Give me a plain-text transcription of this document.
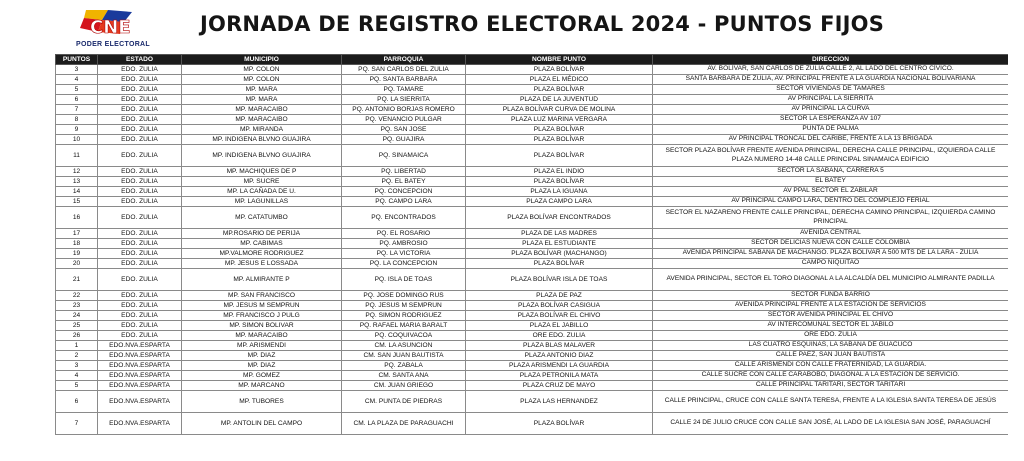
CNE
PODER ELECTORAL
JORNADA DE REGISTRO ELECTORAL 2024 - PUNTOS FIJOS
PUNTOS	ESTADO	MUNICIPIO	PARROQUIA	NOMBRE PUNTO	DIRECCION
3	EDO. ZULIA	MP. COLON	PQ. SAN CARLOS DEL ZULIA	PLAZA BOLÍVAR	AV. BOLÍVAR, SAN CARLOS DE ZULIA CALLE 2, AL LADO DEL CENTRO CÍVICO.
4	EDO. ZULIA	MP. COLON	PQ. SANTA BARBARA	PLAZA EL MÉDICO	SANTA BÁRBARA DE ZULIA, AV. PRINCIPAL FRENTE A LA GUARDIA NACIONAL BOLIVARIANA
5	EDO. ZULIA	MP. MARA	PQ. TAMARE	PLAZA BOLÍVAR	SECTOR VIVIENDAS DE TAMARES
6	EDO. ZULIA	MP. MARA	PQ. LA SIERRITA	PLAZA DE LA JUVENTUD	AV PRINCIPAL LA SIERRITA
7	EDO. ZULIA	MP. MARACAIBO	PQ. ANTONIO BORJAS ROMERO	PLAZA BOLÍVAR CURVA DE MOLINA	AV PRINCIPAL LA CURVA
8	EDO. ZULIA	MP. MARACAIBO	PQ. VENANCIO PULGAR	PLAZA LUZ MARINA VERGARA	SECTOR LA ESPERANZA AV 107
9	EDO. ZULIA	MP. MIRANDA	PQ. SAN JOSE	PLAZA BOLÍVAR	PUNTA DE PALMA
10	EDO. ZULIA	MP. INDIGENA BLVNO GUAJIRA	PQ. GUAJIRA	PLAZA BOLÍVAR	AV PRINCIPAL TRONCAL DEL CARIBE, FRENTE A LA 13 BRIGADA
11	EDO. ZULIA	MP. INDIGENA BLVNO GUAJIRA	PQ. SINAMAICA	PLAZA BOLÍVAR	SECTOR PLAZA BOLÍVAR FRENTE AVENIDA PRINCIPAL, DERECHA CALLE PRINCIPAL, IZQUIERDA CALLE PLAZA NUMERO 14-48 CALLE PRINCIPAL SINAMAICA EDIFICIO
12	EDO. ZULIA	MP. MACHIQUES DE P	PQ. LIBERTAD	PLAZA EL INDIO	SECTOR LA SABANA, CARRERA 5
13	EDO. ZULIA	MP. SUCRE	PQ. EL BATEY	PLAZA BOLÍVAR	EL BATEY
14	EDO. ZULIA	MP. LA CAÑADA DE U.	PQ. CONCEPCION	PLAZA LA IGUANA	AV PPAL SECTOR EL ZABILAR
15	EDO. ZULIA	MP. LAGUNILLAS	PQ. CAMPO LARA	PLAZA CAMPO LARA	AV PRINCIPAL CAMPO LARA, DENTRO DEL COMPLEJO FERIAL
16	EDO. ZULIA	MP. CATATUMBO	PQ. ENCONTRADOS	PLAZA BOLÍVAR ENCONTRADOS	SECTOR EL NAZARENO FRENTE CALLE PRINCIPAL, DERECHA CAMINO PRINCIPAL, IZQUIERDA CAMINO PRINCIPAL
17	EDO. ZULIA	MP.ROSARIO DE PERIJA	PQ. EL ROSARIO	PLAZA DE LAS MADRES	AVENIDA CENTRAL
18	EDO. ZULIA	MP. CABIMAS	PQ. AMBROSIO	PLAZA EL ESTUDIANTE	SECTOR DELICIAS NUEVA CON CALLE COLOMBIA
19	EDO. ZULIA	MP.VALMORE RODRIGUEZ	PQ. LA VICTORIA	PLAZA BOLÍVAR (MACHANGO)	AVENIDA PRINCIPAL SABANA DE MACHANGO. PLAZA BOLÍVAR A 500 MTS DE LA LARA - ZULIA
20	EDO. ZULIA	MP. JESUS E LOSSADA	PQ. LA CONCEPCION	PLAZA BOLÍVAR	CAMPO NIQUITAO
21	EDO. ZULIA	MP. ALMIRANTE P	PQ. ISLA DE TOAS	PLAZA BOLÍVAR ISLA DE TOAS	AVENIDA PRINCIPAL, SECTOR EL TORO DIAGONAL A LA ALCALDÍA DEL MUNICIPIO ALMIRANTE PADILLA
22	EDO. ZULIA	MP. SAN FRANCISCO	PQ. JOSE DOMINGO RUS	PLAZA DE PAZ	SECTOR FUNDA BARRIO
23	EDO. ZULIA	MP. JESUS M SEMPRUN	PQ. JESUS M SEMPRUN	PLAZA BOLÍVAR CASIGUA	AVENIDA PRINCIPAL FRENTE A LA ESTACIÓN DE SERVICIOS
24	EDO. ZULIA	MP. FRANCISCO J PULG	PQ. SIMON RODRIGUEZ	PLAZA BOLÍVAR EL CHIVO	SECTOR AVENIDA PRINCIPAL EL CHIVO
25	EDO. ZULIA	MP. SIMON BOLIVAR	PQ. RAFAEL MARIA BARALT	PLAZA EL JABILLO	AV INTERCOMUNAL SECTOR EL JABILO
26	EDO. ZULIA	MP. MARACAIBO	PQ. COQUIVACOA	ORE EDO. ZULIA	ORE EDO. ZULIA
1	EDO.NVA.ESPARTA	MP. ARISMENDI	CM. LA ASUNCION	PLAZA BLAS MALAVER	LAS CUATRO ESQUINAS, LA SABANA DE GUACUCO
2	EDO.NVA.ESPARTA	MP. DIAZ	CM. SAN JUAN BAUTISTA	PLAZA ANTONIO DIAZ	CALLE PAEZ, SAN JUAN BAUTISTA
3	EDO.NVA.ESPARTA	MP. DIAZ	PQ. ZABALA	PLAZA ARISMENDI LA GUARDIA	CALLE ARISMENDI CON CALLE FRATERNIDAD, LA GUARDIA.
4	EDO.NVA.ESPARTA	MP. GOMEZ	CM. SANTA ANA	PLAZA PETRONILA MATA	CALLE SUCRE CON CALLE CARABOBO, DIAGONAL A LA ESTACIÓN DE SERVICIO.
5	EDO.NVA.ESPARTA	MP. MARCANO	CM. JUAN GRIEGO	PLAZA CRUZ DE MAYO	CALLE PRINCIPAL TARITARI, SECTOR TARITARI
6	EDO.NVA.ESPARTA	MP. TUBORES	CM. PUNTA DE PIEDRAS	PLAZA LAS HERNANDEZ	CALLE PRINCIPAL, CRUCE CON CALLE SANTA TERESA, FRENTE A LA IGLESIA SANTA TERESA DE JESÚS
7	EDO.NVA.ESPARTA	MP. ANTOLIN DEL CAMPO	CM. LA PLAZA DE PARAGUACHI	PLAZA BOLÍVAR	CALLE 24 DE JULIO CRUCE CON CALLE SAN JOSÉ, AL LADO DE LA IGLESIA SAN JOSÉ, PARAGUACHÍ
